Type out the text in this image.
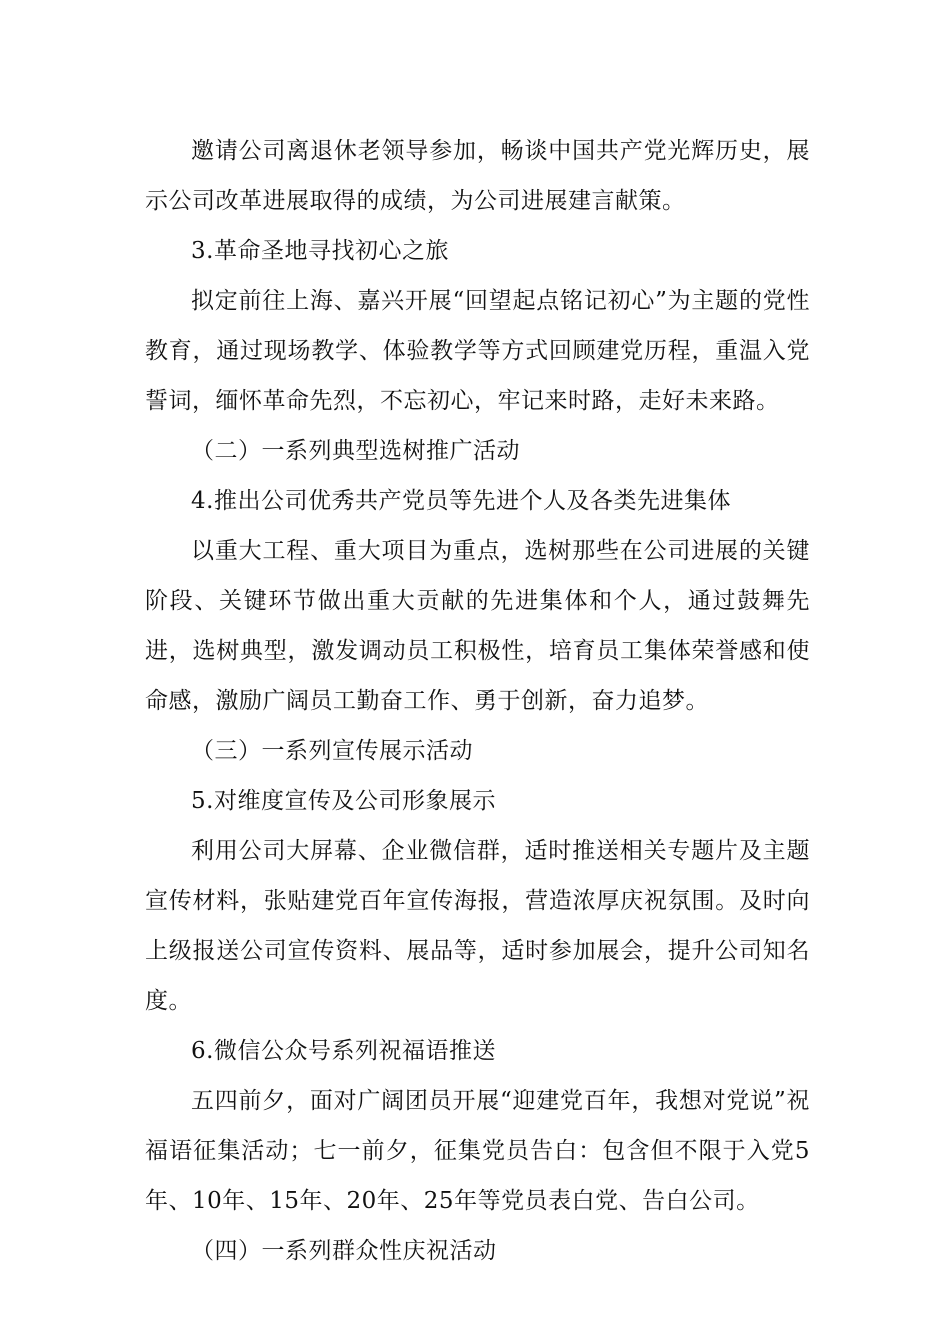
邀请公司离退休老领导参加，畅谈中国共产党光辉历史，展示公司改革进展取得的成绩，为公司进展建言献策。

3.革命圣地寻找初心之旅

拟定前往上海、嘉兴开展“回望起点铭记初心”为主题的党性教育，通过现场教学、体验教学等方式回顾建党历程，重温入党誓词，缅怀革命先烈，不忘初心，牢记来时路，走好未来路。

（二）一系列典型选树推广活动

4.推出公司优秀共产党员等先进个人及各类先进集体

以重大工程、重大项目为重点，选树那些在公司进展的关键阶段、关键环节做出重大贡献的先进集体和个人，通过鼓舞先进，选树典型，激发调动员工积极性，培育员工集体荣誉感和使命感，激励广阔员工勤奋工作、勇于创新，奋力追梦。

（三）一系列宣传展示活动

5.对维度宣传及公司形象展示

利用公司大屏幕、企业微信群，适时推送相关专题片及主题宣传材料，张贴建党百年宣传海报，营造浓厚庆祝氛围。及时向上级报送公司宣传资料、展品等，适时参加展会，提升公司知名度。

6.微信公众号系列祝福语推送

五四前夕，面对广阔团员开展“迎建党百年，我想对党说”祝福语征集活动；七一前夕，征集党员告白：包含但不限于入党5年、10年、15年、20年、25年等党员表白党、告白公司。

（四）一系列群众性庆祝活动
